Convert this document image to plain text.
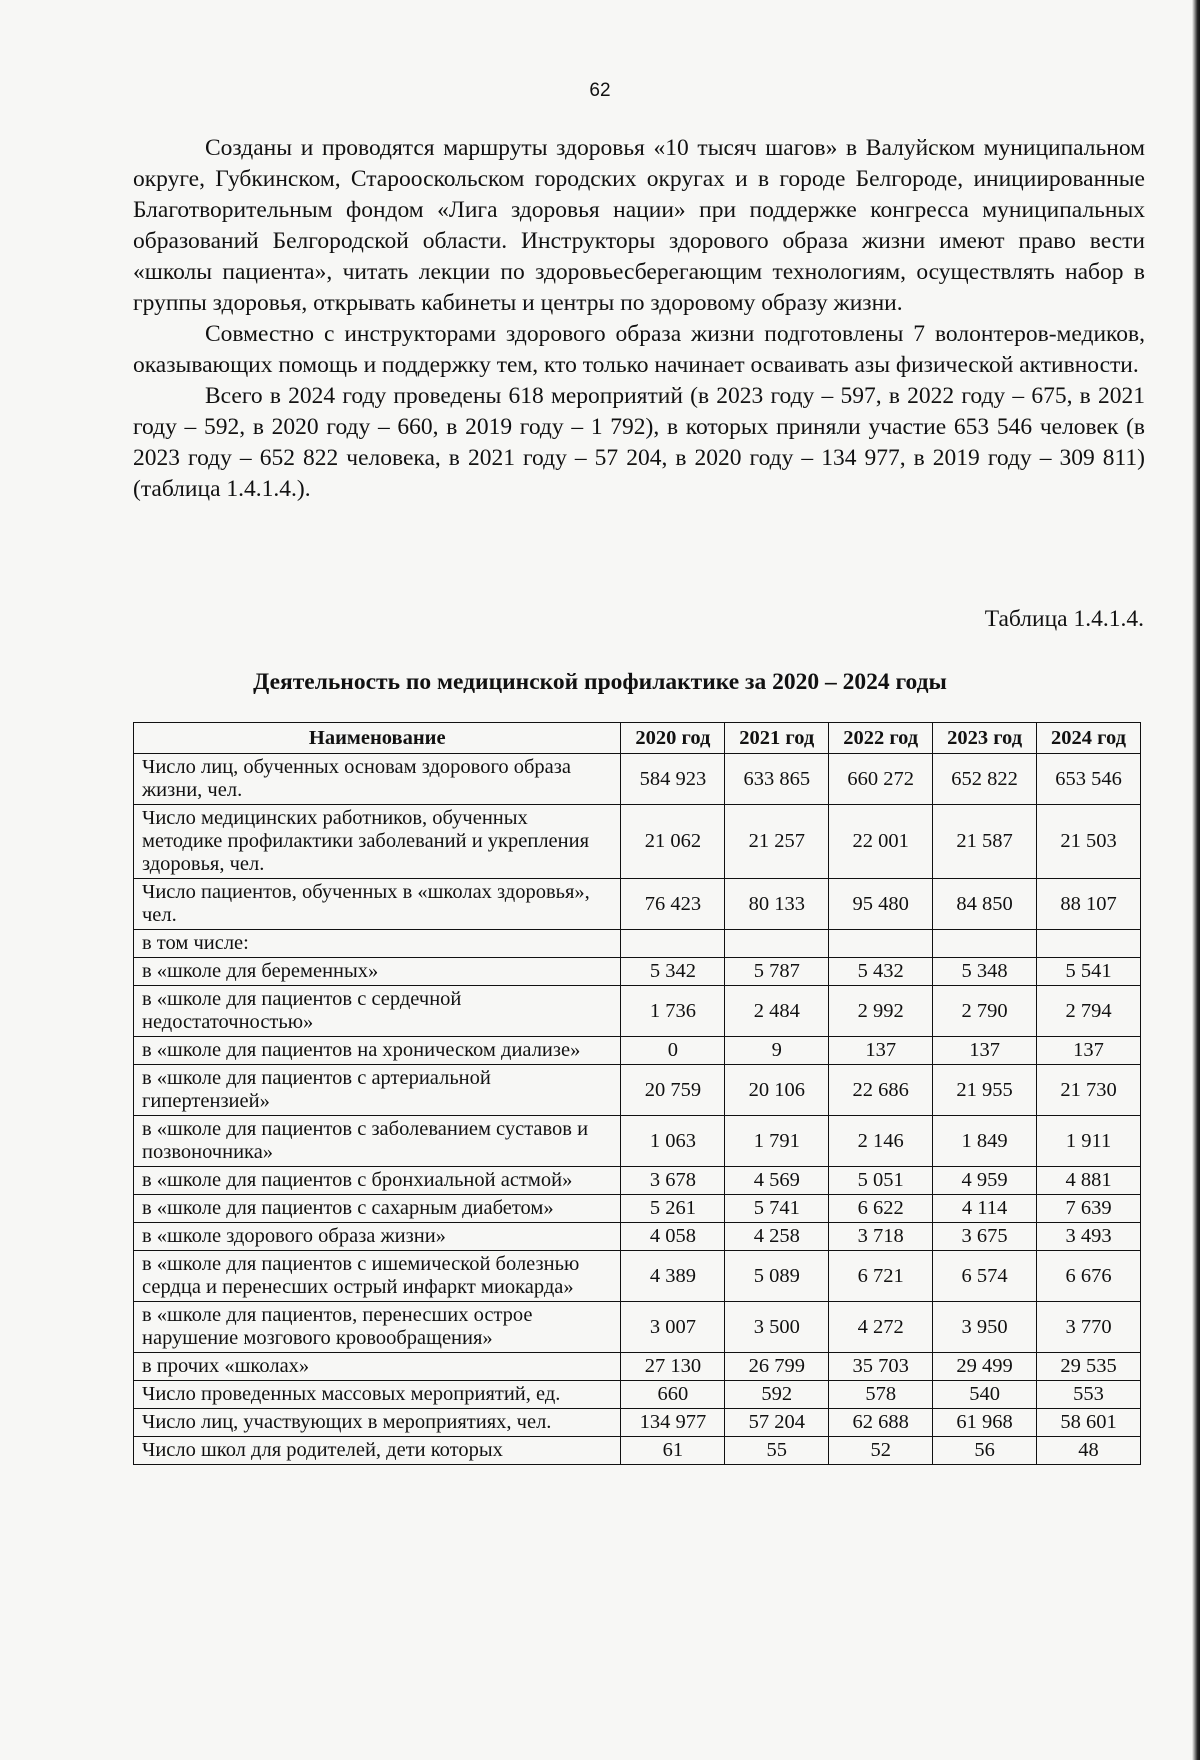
62

Созданы и проводятся маршруты здоровья «10 тысяч шагов» в Валуйском муниципальном округе, Губкинском, Старооскольском городских округах и в городе Белгороде, инициированные Благотворительным фондом «Лига здоровья нации» при поддержке конгресса муниципальных образований Белгородской области. Инструкторы здорового образа жизни имеют право вести «школы пациента», читать лекции по здоровьесберегающим технологиям, осуществлять набор в группы здоровья, открывать кабинеты и центры по здоровому образу жизни.

Совместно с инструкторами здорового образа жизни подготовлены 7 волонтеров-медиков, оказывающих помощь и поддержку тем, кто только начинает осваивать азы физической активности.

Всего в 2024 году проведены 618 мероприятий (в 2023 году – 597, в 2022 году – 675, в 2021 году – 592, в 2020 году – 660, в 2019 году – 1 792), в которых приняли участие 653 546 человек (в 2023 году – 652 822 человека, в 2021 году – 57 204, в 2020 году – 134 977, в 2019 году – 309 811) (таблица 1.4.1.4.).

Таблица 1.4.1.4.
Деятельность по медицинской профилактике за 2020 – 2024 годы
Наименование	2020 год	2021 год	2022 год	2023 год	2024 год
Число лиц, обученных основам здорового образа жизни, чел.	584 923	633 865	660 272	652 822	653 546
Число медицинских работников, обученных методике профилактики заболеваний и укрепления здоровья, чел.	21 062	21 257	22 001	21 587	21 503
Число пациентов, обученных в «школах здоровья», чел.	76 423	80 133	95 480	84 850	88 107
в том числе:					
в «школе для беременных»	5 342	5 787	5 432	5 348	5 541
в «школе для пациентов с сердечной недостаточностью»	1 736	2 484	2 992	2 790	2 794
в «школе для пациентов на хроническом диализе»	0	9	137	137	137
в «школе для пациентов с артериальной гипертензией»	20 759	20 106	22 686	21 955	21 730
в «школе для пациентов с заболеванием суставов и позвоночника»	1 063	1 791	2 146	1 849	1 911
в «школе для пациентов с бронхиальной астмой»	3 678	4 569	5 051	4 959	4 881
в «школе для пациентов с сахарным диабетом»	5 261	5 741	6 622	4 114	7 639
в «школе здорового образа жизни»	4 058	4 258	3 718	3 675	3 493
в «школе для пациентов с ишемической болезнью сердца и перенесших острый инфаркт миокарда»	4 389	5 089	6 721	6 574	6 676
в «школе для пациентов, перенесших острое нарушение мозгового кровообращения»	3 007	3 500	4 272	3 950	3 770
в прочих «школах»	27 130	26 799	35 703	29 499	29 535
Число проведенных массовых мероприятий, ед.	660	592	578	540	553
Число лиц, участвующих в мероприятиях, чел.	134 977	57 204	62 688	61 968	58 601
Число школ для родителей, дети которых	61	55	52	56	48
